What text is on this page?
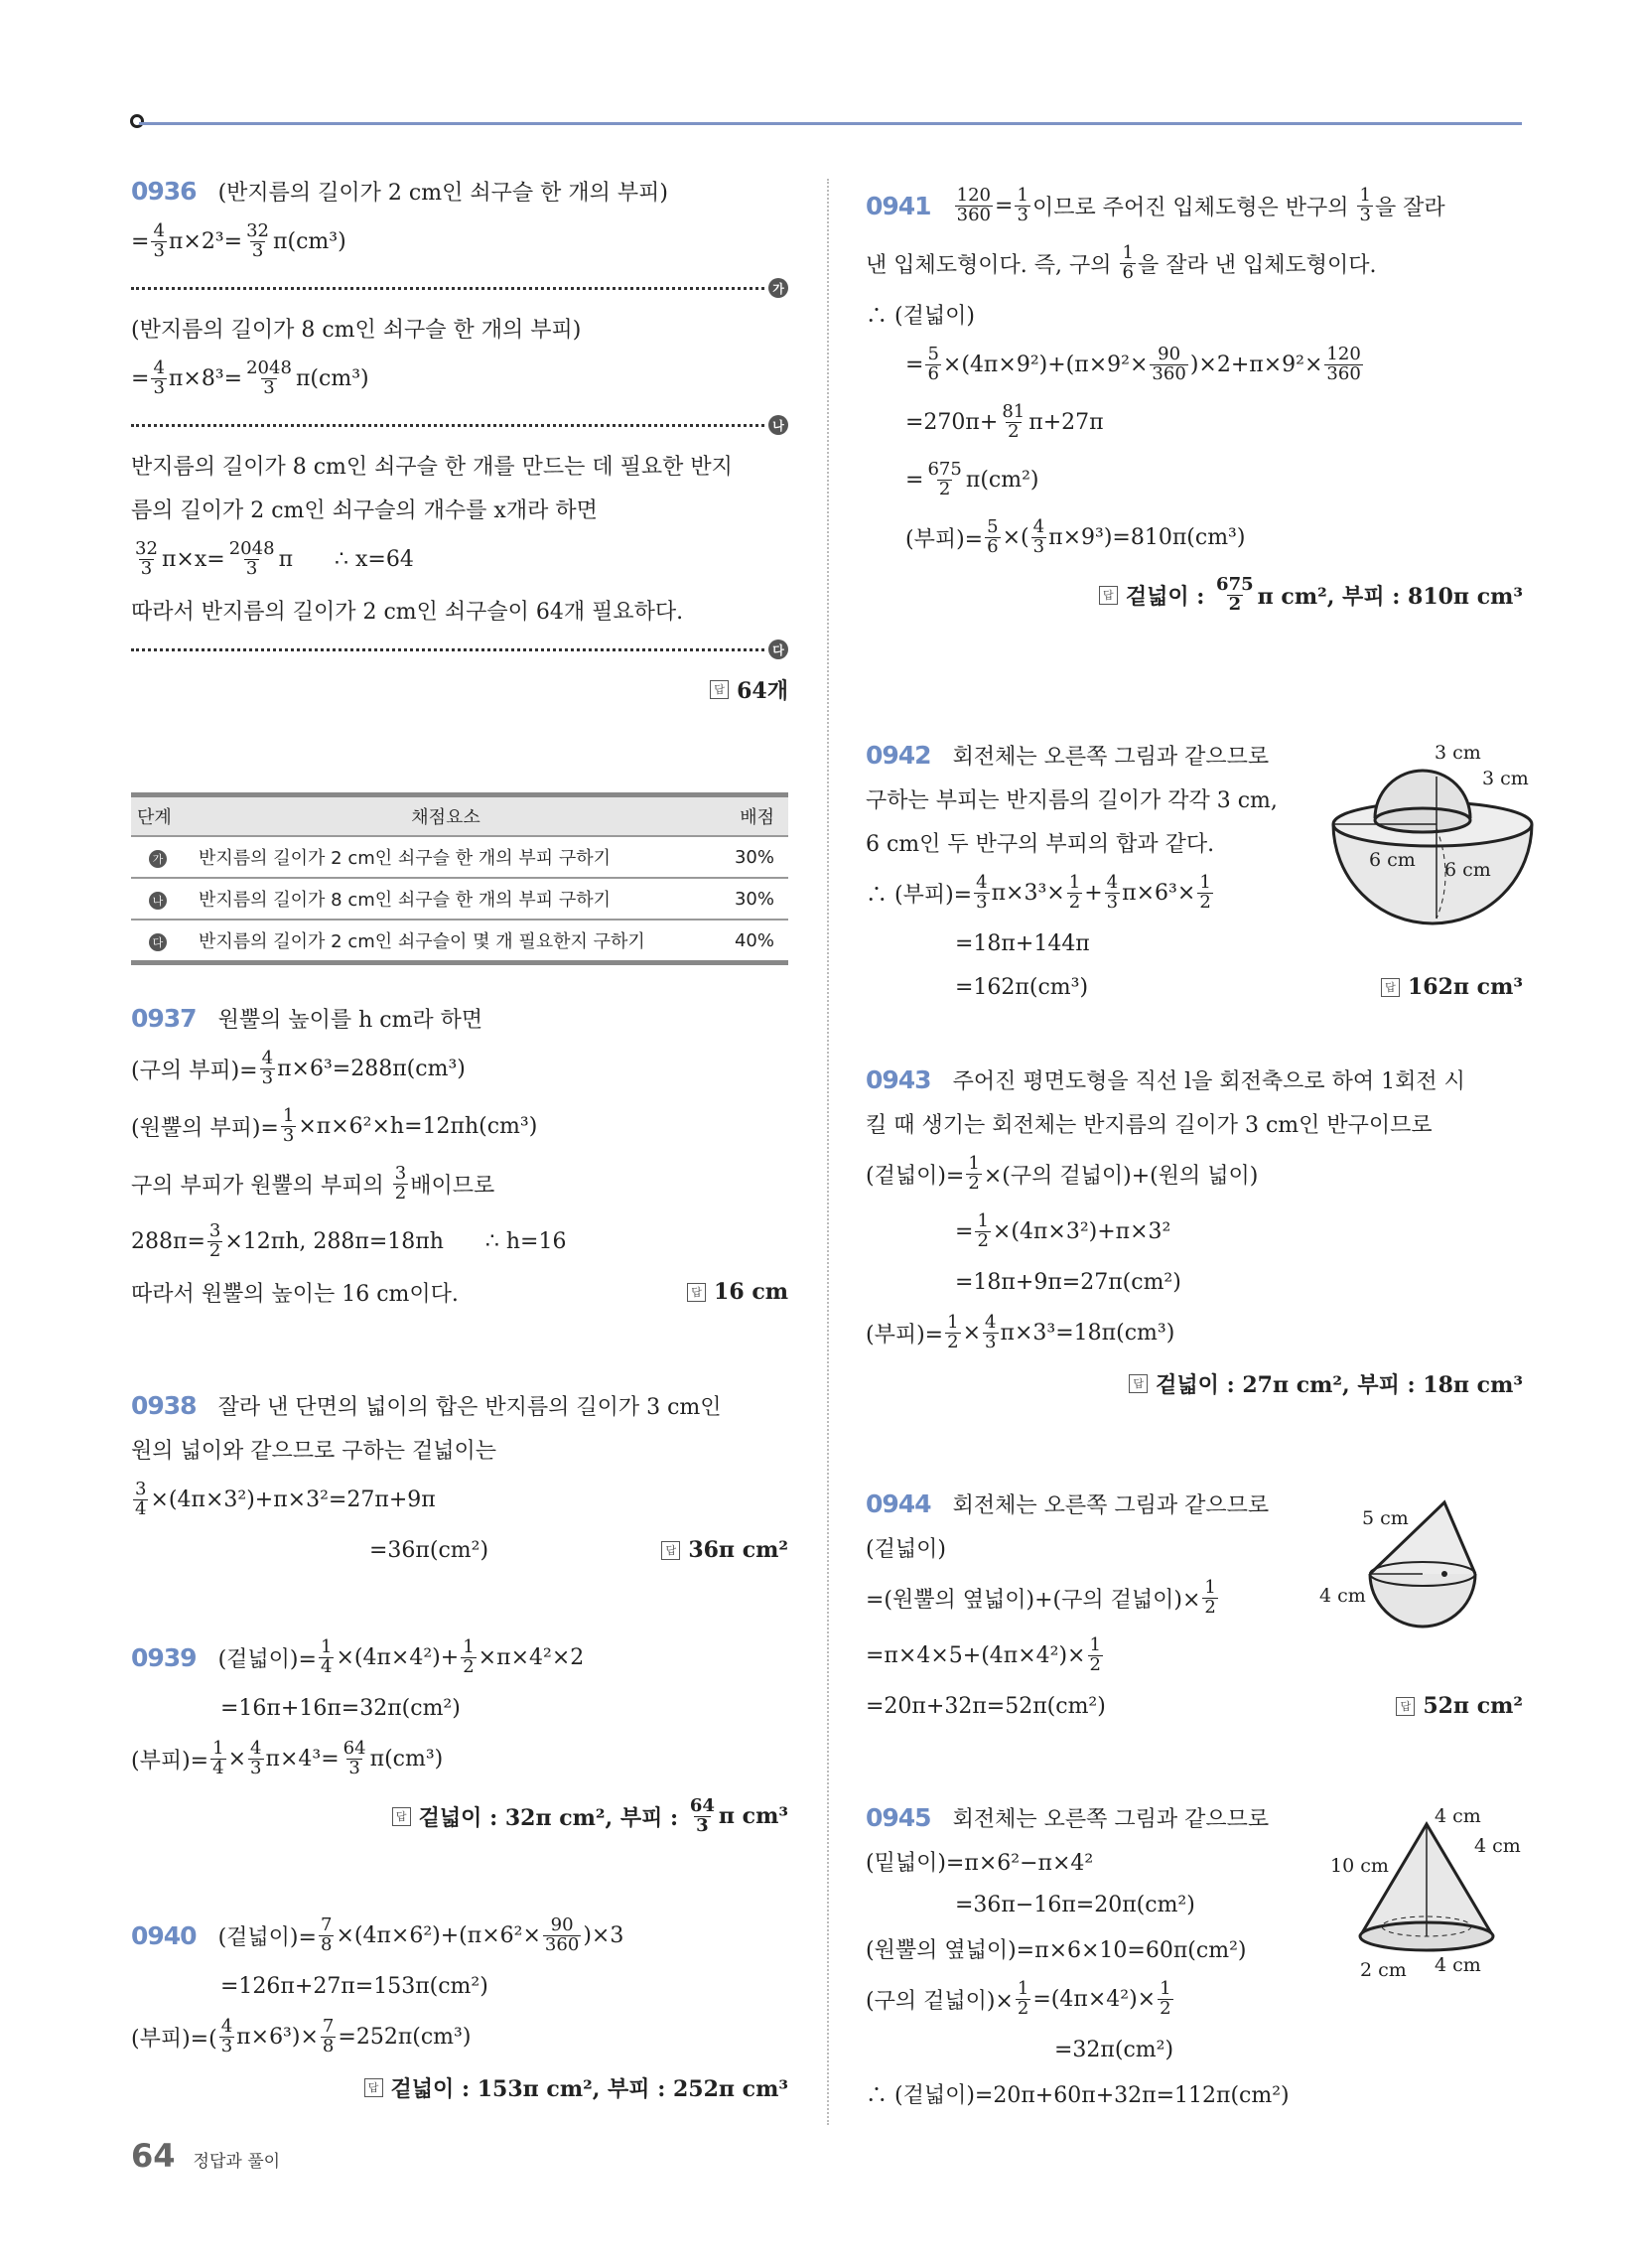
0936 (반지름의 길이가 2 cm인 쇠구슬 한 개의 부피)
= $\frac{4}{3} \pi\times 2^3= \frac{32}{3} \pi(cm^3)$
가
(반지름의 길이가 8 cm인 쇠구슬 한 개의 부피)
= $\frac{4}{3} \pi\times 8^3= \frac{2048}{3} \pi(cm^3)$
나
반지름의 길이가 8 cm인 쇠구슬 한 개를 만드는 데 필요한 반지
름의 길이가 2 cm인 쇠구슬의 개수를 x개라 하면
$\frac{32}{3} \pi\times x= \frac{2048}{3}$ π      ∴ x=64
따라서 반지름의 길이가 2 cm인 쇠구슬이 64개 필요하다.
다
답 64개
0937 원뿔의 높이를 h cm라 하면
(구의 부피)= $\frac{4}{3} \pi\times 6^3=288\pi(cm^3)$
(원뿔의 부피)= $\frac{1}{3} \times\pi\times 6^2\times h=12\pi h(cm^3)$
구의 부피가 원뿔의 부피의 $\frac{3}{2}$ 배이므로
$288\pi= \frac{3}{2} \times 12\pi h$, 288π=18πh      ∴ h=16
따라서 원뿔의 높이는 16 cm이다.	답 16 cm
0938 잘라 낸 단면의 넓이의 합은 반지름의 길이가 3 cm인
원의 넓이와 같으므로 구하는 겉넓이는
$\frac{3}{4} \times(4\pi\times 3^2)+\pi\times 3^2=27\pi+9\pi$
=36π(cm²)	답 36π cm²
0939 (겉넓이)= $\frac{1}{4} \times(4\pi\times 4^2)+ \frac{1}{2} \times\pi\times 4^2\times 2$
=16π+16π=32π(cm²)
(부피)= $\frac{1}{4} \times \frac{4}{3} \pi\times 4^3= \frac{64}{3} \pi(cm^3)$
답 겉넓이 : 32π cm², 부피 : $\frac{64}{3}$ π cm³
0940 (겉넓이)= $\frac{7}{8} \times(4\pi\times 6^2)+(\pi\times 6^2\times \frac{90}{360} )\times 3$
=126π+27π=153π(cm²)
(부피)=( $\frac{4}{3} \pi\times 6^3)\times \frac{7}{8} =252\pi(cm^3)$
답 겉넓이 : 153π cm², 부피 : 252π cm³
$0941 \frac{120}{360} = \frac{1}{3}$ 이므로 주어진 입체도형은 반구의 $\frac{1}{3}$ 을 잘라
낸 입체도형이다. 즉, 구의 $\frac{1}{6}$ 을 잘라 낸 입체도형이다.
∴ (겉넓이)
= $\frac{5}{6} \times(4\pi\times 9^2)+(\pi\times 9^2\times \frac{90}{360} )\times 2+\pi\times 9^2\times \frac{120}{360}$
$=270\pi+ \frac{81}{2} \pi+27\pi$
= $\frac{675}{2} \pi(cm^2)$
(부피)= $\frac{5}{6}$ ×( $\frac{4}{3} \pi\times 9^3)=810\pi(cm^3)$
답 겉넓이 : $\frac{675}{2}$ π cm², 부피 : 810π cm³
0942 회전체는 오른쪽 그림과 같으므로
구하는 부피는 반지름의 길이가 각각 3 cm,
6 cm인 두 반구의 부피의 합과 같다.
∴ (부피)= $\frac{4}{3} \pi\times 3^3\times \frac{1}{2} + \frac{4}{3} \pi\times 6^3\times \frac{1}{2}$
=18π+144π
=162π(cm³)	답 162π cm³
0943 주어진 평면도형을 직선 l을 회전축으로 하여 1회전 시
킬 때 생기는 회전체는 반지름의 길이가 3 cm인 반구이므로
(겉넓이)= $\frac{1}{2}$ ×(구의 겉넓이)+(원의 넓이)
= $\frac{1}{2} \times(4\pi\times 3^2)+\pi\times 3^2$
=18π+9π=27π(cm²)
(부피)= $\frac{1}{2} \times \frac{4}{3} \pi\times 3^3=18\pi(cm^3)$
답 겉넓이 : 27π cm², 부피 : 18π cm³
0944 회전체는 오른쪽 그림과 같으므로
(겉넓이)
=(원뿔의 옆넓이)+(구의 겉넓이)× $\frac{1}{2}$
$=\pi\times 4\times 5+(4\pi\times 4^2)\times \frac{1}{2}$
=20π+32π=52π(cm²)	답 52π cm²
0945 회전체는 오른쪽 그림과 같으므로
(밑넓이)=π×6²−π×4²
=36π−16π=20π(cm²)
(원뿔의 옆넓이)=π×6×10=60π(cm²)
(구의 겉넓이)× $\frac{1}{2} =(4\pi\times 4^2)\times \frac{1}{2}$
=32π(cm²)
∴ (겉넓이)=20π+60π+32π=112π(cm²)
단계	채점요소	배점
가	반지름의 길이가 2 cm인 쇠구슬 한 개의 부피 구하기	30%
나	반지름의 길이가 8 cm인 쇠구슬 한 개의 부피 구하기	30%
다	반지름의 길이가 2 cm인 쇠구슬이 몇 개 필요한지 구하기	40%
3 cm
3 cm
6 cm 6 cm
5 cm
4 cm
4 cm
4 cm
10 cm
2 cm 4 cm
64 정답과 풀이
